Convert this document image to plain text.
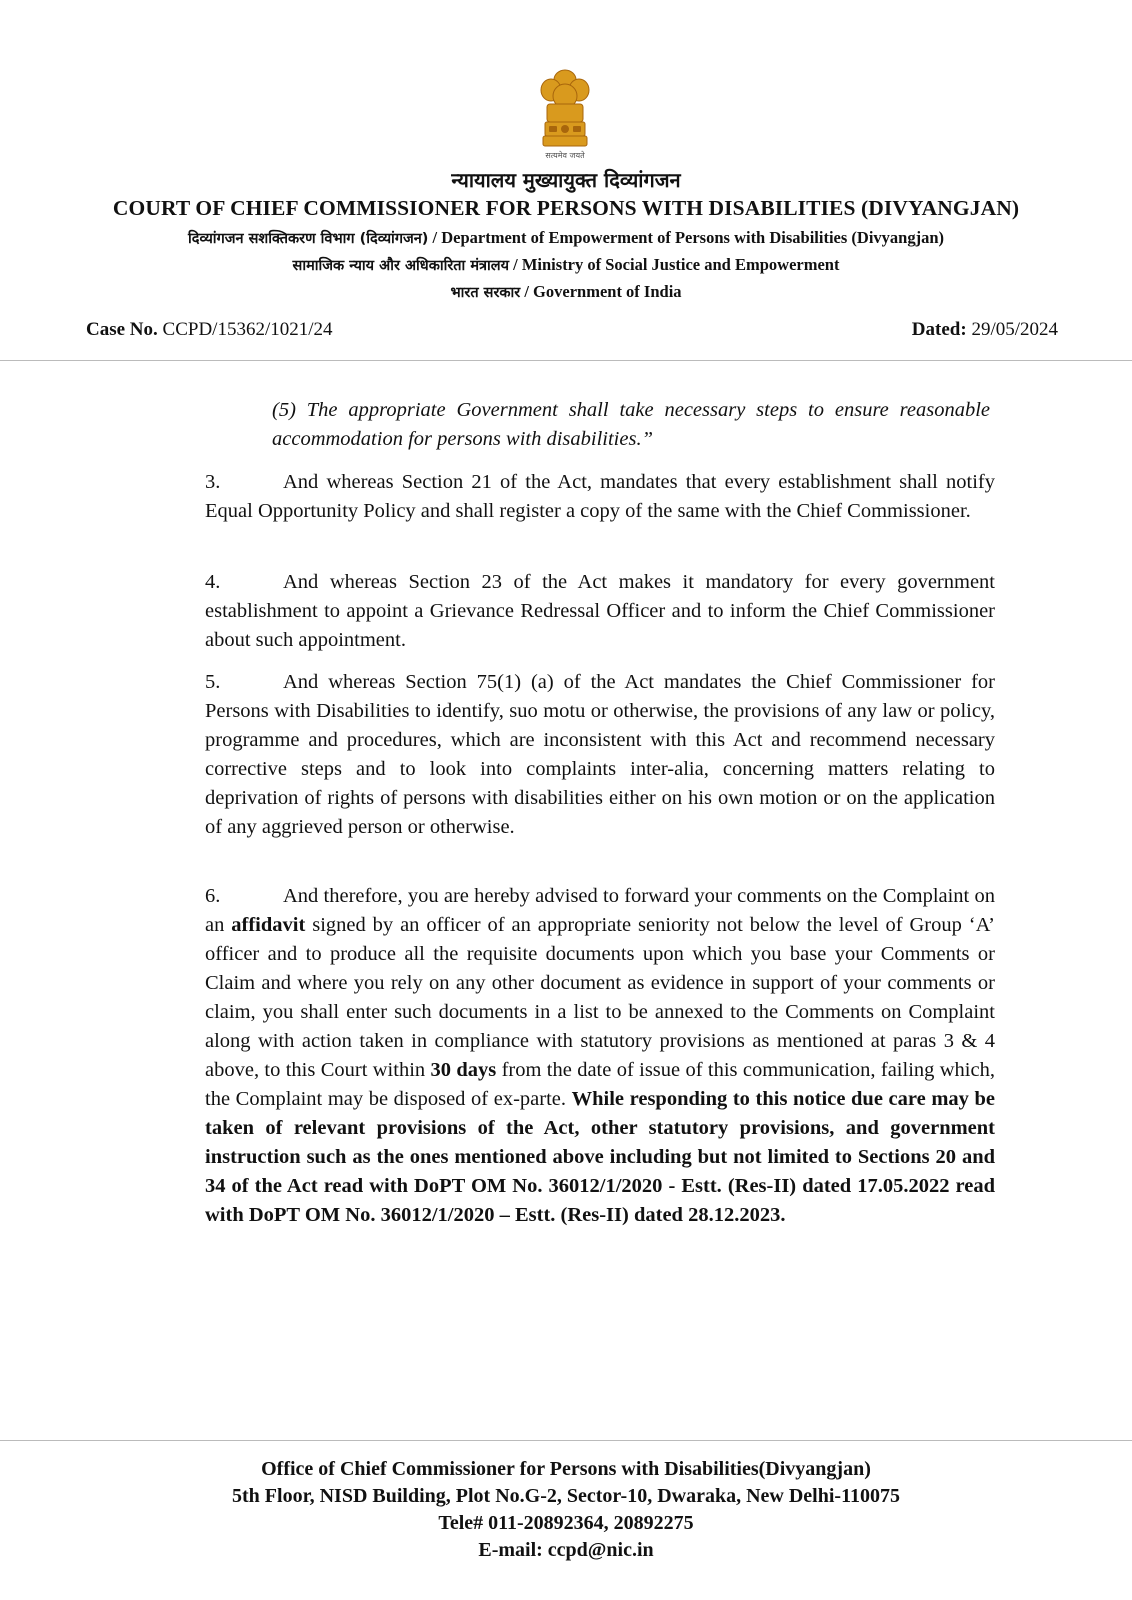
सत्यमेव जयते
न्यायालय मुख्यायुक्त दिव्यांगजन
COURT OF CHIEF COMMISSIONER FOR PERSONS WITH DISABILITIES (DIVYANGJAN)
दिव्यांगजन सशक्तिकरण विभाग (दिव्यांगजन) / Department of Empowerment of Persons with Disabilities (Divyangjan)
सामाजिक न्याय और अधिकारिता मंत्रालय / Ministry of Social Justice and Empowerment
भारत सरकार / Government of India
Case No. CCPD/15362/1021/24	Dated: 29/05/2024
(5) The appropriate Government shall take necessary steps to ensure reasonable accommodation for persons with disabilities.”
3.	And whereas Section 21 of the Act, mandates that every establishment shall notify Equal Opportunity Policy and shall register a copy of the same with the Chief Commissioner.
4.	And whereas Section 23 of the Act makes it mandatory for every government establishment to appoint a Grievance Redressal Officer and to inform the Chief Commissioner about such appointment.
5.	And whereas Section 75(1) (a) of the Act mandates the Chief Commissioner for Persons with Disabilities to identify, suo motu or otherwise, the provisions of any law or policy, programme and procedures, which are inconsistent with this Act and recommend necessary corrective steps and to look into complaints inter-alia, concerning matters relating to deprivation of rights of persons with disabilities either on his own motion or on the application of any aggrieved person or otherwise.
6.	And therefore, you are hereby advised to forward your comments on the Complaint on an affidavit signed by an officer of an appropriate seniority not below the level of Group ‘A’ officer and to produce all the requisite documents upon which you base your Comments or Claim and where you rely on any other document as evidence in support of your comments or claim, you shall enter such documents in a list to be annexed to the Comments on Complaint along with action taken in compliance with statutory provisions as mentioned at paras 3 & 4 above, to this Court within 30 days from the date of issue of this communication, failing which, the Complaint may be disposed of ex-parte. While responding to this notice due care may be taken of relevant provisions of the Act, other statutory provisions, and government instruction such as the ones mentioned above including but not limited to Sections 20 and 34 of the Act read with DoPT OM No. 36012/1/2020 - Estt. (Res-II) dated 17.05.2022 read with DoPT OM No. 36012/1/2020 – Estt. (Res-II) dated 28.12.2023.
Office of Chief Commissioner for Persons with Disabilities(Divyangjan)
5th Floor, NISD Building, Plot No.G-2, Sector-10, Dwaraka, New Delhi-110075
Tele# 011-20892364, 20892275
E-mail: ccpd@nic.in
